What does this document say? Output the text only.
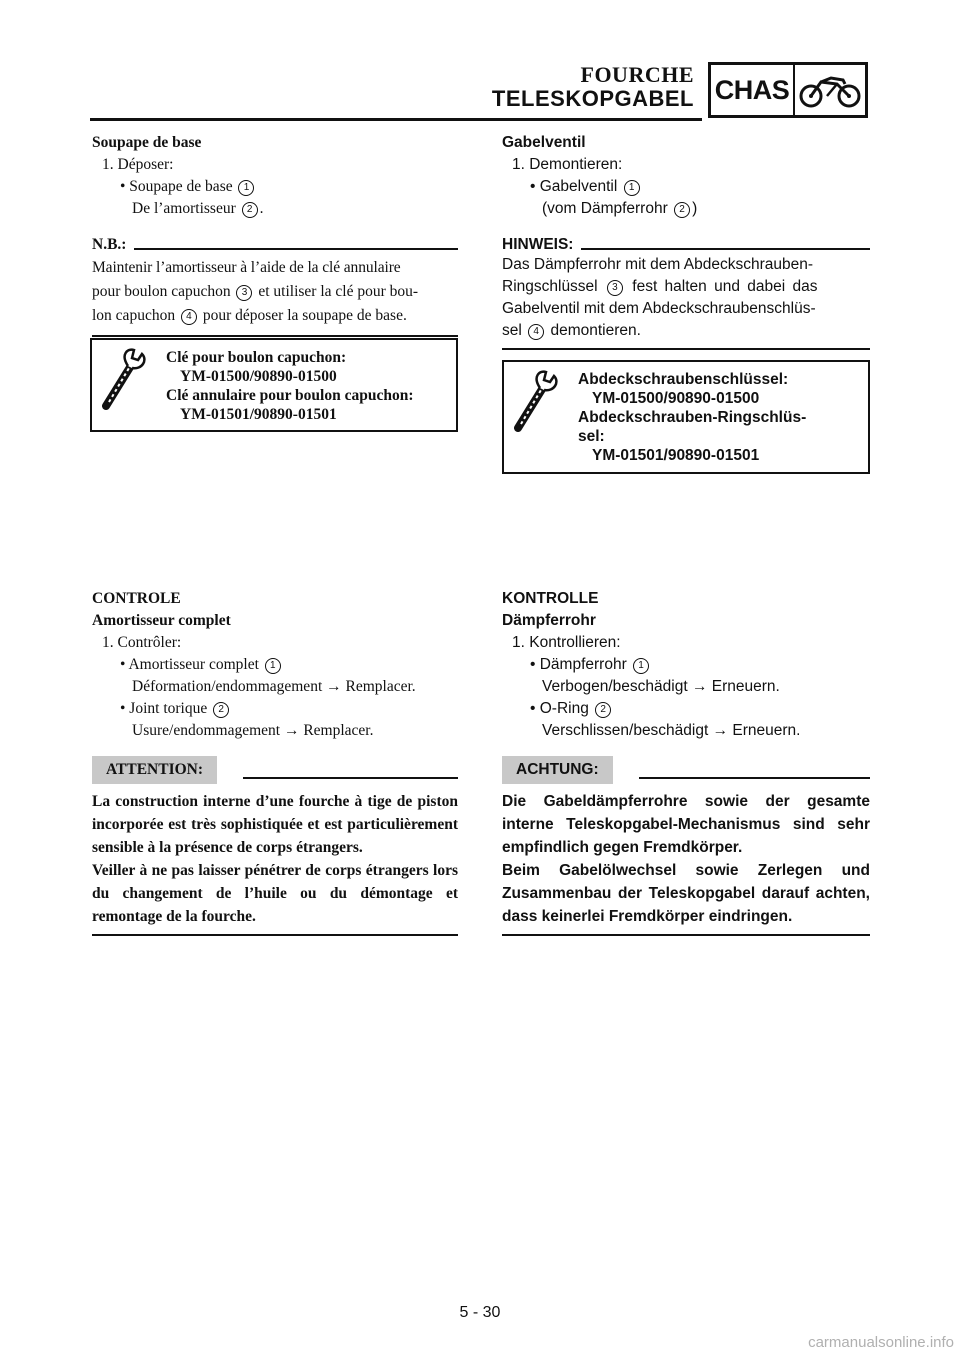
FOURCHE
TELESKOPGABEL CHAS
Soupape de base
1. Déposer:
• Soupape de base 1
De l’amortisseur 2 .
N.B.:
Maintenir l’amortisseur à l’aide de la clé annulaire
pour boulon capuchon 3 et utiliser la clé pour bou-
lon capuchon 4 pour déposer la soupape de base.
Clé pour boulon capuchon:
YM-01500/90890-01500
Clé annulaire pour boulon capuchon:
YM-01501/90890-01501
Gabelventil
1. Demontieren:
• Gabelventil 1
(vom Dämpferrohr 2 )
HINWEIS:
Das Dämpferrohr mit dem Abdeckschrauben-
Ringschlüssel 3 fest halten und dabei das
Gabelventil mit dem Abdeckschraubenschlüs-
sel 4 demontieren.
Abdeckschraubenschlüssel:
YM-01500/90890-01500
Abdeckschrauben-Ringschlüs-
sel:
YM-01501/90890-01501
CONTROLE
Amortisseur complet
1. Contrôler:
• Amortisseur complet 1
Déformation/endommagement → Remplacer.
• Joint torique 2
Usure/endommagement → Remplacer.
ATTENTION:
La construction interne d’une fourche à tige de piston incorporée est très sophistiquée et est particulièrement sensible à la présence de corps étrangers.
Veiller à ne pas laisser pénétrer de corps étrangers lors du changement de l’huile ou du démontage et remontage de la fourche.
KONTROLLE
Dämpferrohr
1. Kontrollieren:
• Dämpferrohr 1
Verbogen/beschädigt → Erneuern.
• O-Ring 2
Verschlissen/beschädigt → Erneuern.
ACHTUNG:
Die Gabeldämpferrohre sowie der gesamte interne Teleskopgabel-Mechanismus sind sehr empfindlich gegen Fremdkörper.
Beim Gabelölwechsel sowie Zerlegen und Zusammenbau der Teleskopgabel darauf achten, dass keinerlei Fremdkörper eindringen.
5 - 30
carmanualsonline.info
